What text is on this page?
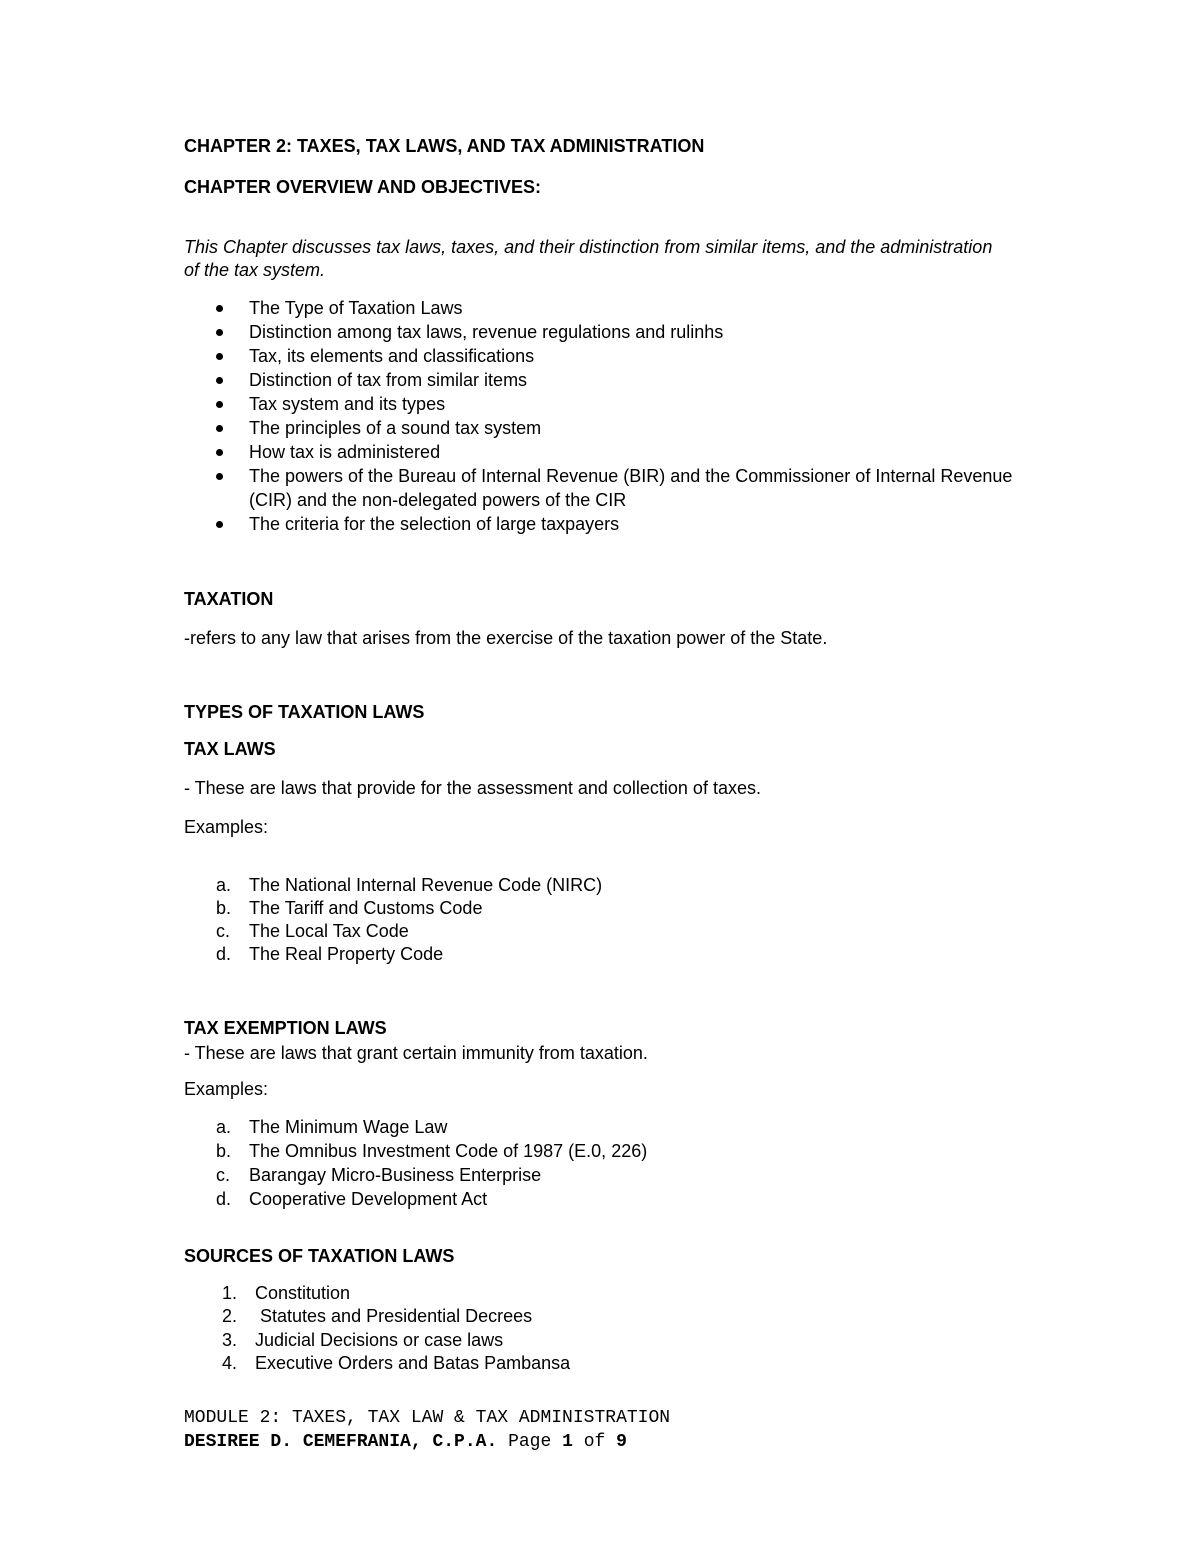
CHAPTER 2: TAXES, TAX LAWS, AND TAX ADMINISTRATION
CHAPTER OVERVIEW AND OBJECTIVES:
This Chapter discusses tax laws, taxes, and their distinction from similar items, and the administration
of the tax system.
The Type of Taxation Laws
Distinction among tax laws, revenue regulations and rulinhs
Tax, its elements and classifications
Distinction of tax from similar items
Tax system and its types
The principles of a sound tax system
How tax is administered
The powers of the Bureau of Internal Revenue (BIR) and the Commissioner of Internal Revenue
(CIR) and the non-delegated powers of the CIR
The criteria for the selection of large taxpayers
TAXATION
-refers to any law that arises from the exercise of the taxation power of the State.
TYPES OF TAXATION LAWS
TAX LAWS
- These are laws that provide for the assessment and collection of taxes.
Examples:
a. The National Internal Revenue Code (NIRC)
b. The Tariff and Customs Code
c. The Local Tax Code
d. The Real Property Code
TAX EXEMPTION LAWS
- These are laws that grant certain immunity from taxation.
Examples:
a. The Minimum Wage Law
b. The Omnibus Investment Code of 1987 (E.0, 226)
c. Barangay Micro-Business Enterprise
d. Cooperative Development Act
SOURCES OF TAXATION LAWS
1. Constitution
2. Statutes and Presidential Decrees
3. Judicial Decisions or case laws
4. Executive Orders and Batas Pambansa
MODULE 2: TAXES, TAX LAW & TAX ADMINISTRATION
DESIREE D. CEMEFRANIA, C.P.A. Page 1 of 9
